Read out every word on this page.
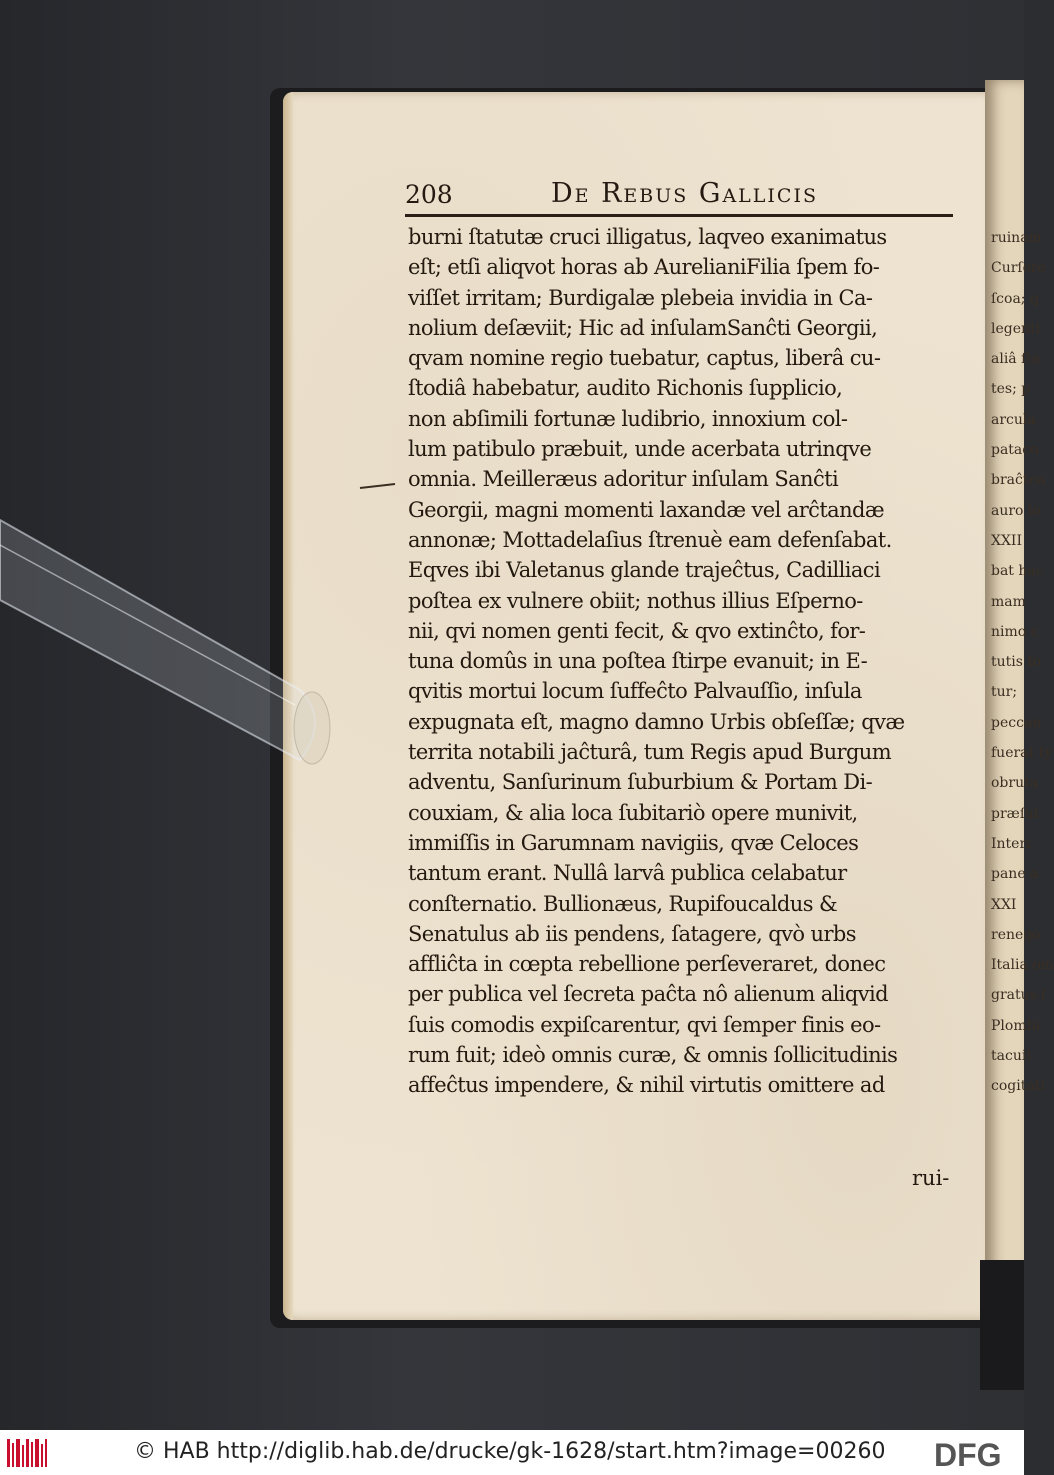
ruinam
Curſore
ſcoa; q
legenti
aliâ ſta
tes; p
arcula
pataco
braĉtea
auro lo
XXII
bat hac
mam
nimo c
tutis fo
tur;
peccan
fuerat ty
obruta
præſul
Interi
pane a
XXI
renego
Italia om
gratus (
Plombi
tacuit
cogitati
208	De Rebus Gallicis
burni ſtatutæ cruci illigatus, laqveo exanimatus
eſt; etſi aliqvot horas ab AurelianiFilia ſpem fo-
viſſet irritam; Burdigalæ plebeia invidia in Ca-
nolium deſæviit; Hic ad inſulamSanĉti Georgii,
qvam nomine regio tuebatur, captus, liberâ cu-
ſtodiâ habebatur, audito Richonis ſupplicio,
non abſimili fortunæ ludibrio, innoxium col-
lum patibulo præbuit, unde acerbata utrinqve
omnia. Meilleræus adoritur inſulam Sanĉti
Georgii, magni momenti laxandæ vel arĉtandæ
annonæ; Mottadelaſius ſtrenuè eam defenſabat.
Eqves ibi Valetanus glande trajeĉtus, Cadilliaci
poſtea ex vulnere obiit; nothus illius Eſperno-
nii, qvi nomen genti fecit, & qvo extinĉto, for-
tuna domûs in una poſtea ſtirpe evanuit; in E-
qvitis mortui locum ſuffeĉto Palvauſſio, inſula
expugnata eſt, magno damno Urbis obſeſſæ; qvæ
territa notabili jaĉturâ, tum Regis apud Burgum
adventu, Sanſurinum ſuburbium & Portam Di-
couxiam, & alia loca ſubitariò opere munivit,
immiſſis in Garumnam navigiis, qvæ Celoces
tantum erant. Nullâ larvâ publica celabatur
conſternatio. Bullionæus, Rupifoucaldus &
Senatulus ab iis pendens, ſatagere, qvò urbs
affliĉta in cœpta rebellione perſeveraret, donec
per publica vel ſecreta paĉta nô alienum aliqvid
ſuis comodis expiſcarentur, qvi ſemper finis eo-
rum fuit; ideò omnis curæ, & omnis ſollicitudinis
affeĉtus impendere, & nihil virtutis omittere ad
rui-
© HAB http://diglib.hab.de/drucke/gk-1628/start.htm?image=00260 DFG
